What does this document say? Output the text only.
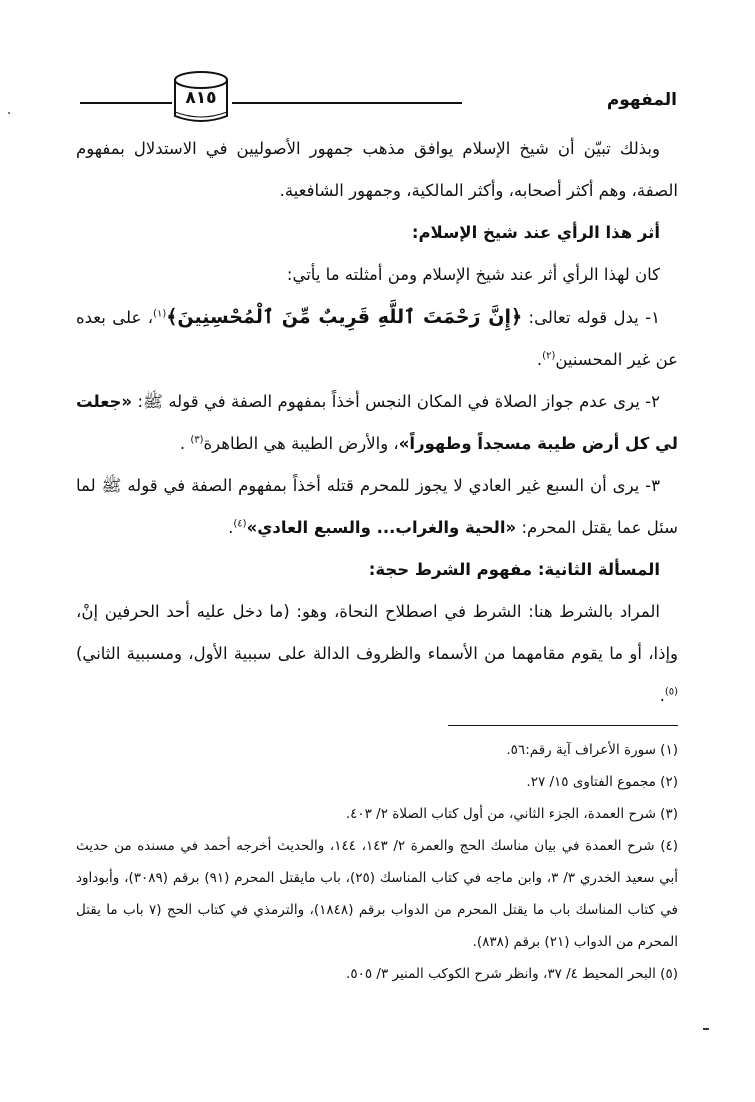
المفهوم
٨١٥

وبذلك تبيّن أن شيخ الإسلام يوافق مذهب جمهور الأصوليين في الاستدلال بمفهوم الصفة، وهم أكثر أصحابه، وأكثر المالكية، وجمهور الشافعية.

أثر هذا الرأي عند شيخ الإسلام:

كان لهذا الرأي أثر عند شيخ الإسلام ومن أمثلته ما يأتي:

١- يدل قوله تعالى: ﴿إِنَّ رَحْمَتَ ٱللَّهِ قَرِيبٌ مِّنَ ٱلْمُحْسِنِينَ﴾$^{(١)}$، على بعده عن غير المحسنين$^{(٢)}$.

٢- يرى عدم جواز الصلاة في المكان النجس أخذاً بمفهوم الصفة في قوله ﷺ: «جعلت لي كل أرض طيبة مسجداً وطهوراً»، والأرض الطيبة هي الطاهرة$^{(٣)}$ .

٣- يرى أن السبع غير العادي لا يجوز للمحرم قتله أخذاً بمفهوم الصفة في قوله ﷺ لما سئل عما يقتل المحرم: «الحية والغراب... والسبع العادي»$^{(٤)}$.

المسألة الثانية: مفهوم الشرط حجة:

المراد بالشرط هنا: الشرط في اصطلاح النحاة، وهو: (ما دخل عليه أحد الحرفين إنْ، وإذا، أو ما يقوم مقامهما من الأسماء والظروف الدالة على سببية الأول، ومسببية الثاني)$^{(٥)}$.

(١) سورة الأعراف آية رقم:٥٦.

(٢) مجموع الفتاوى ١٥/ ٢٧.

(٣) شرح العمدة، الجزء الثاني، من أول كتاب الصلاة ٢/ ٤٠٣.

(٤) شرح العمدة في بيان مناسك الحج والعمرة ٢/ ١٤٣، ١٤٤، والحديث أخرجه أحمد في مسنده من حديث أبي سعيد الخدري ٣/ ٣، وابن ماجه في كتاب المناسك (٢٥)، باب مايقتل المحرم (٩١) برقم (٣٠٨٩)، وأبوداود في كتاب المناسك باب ما يقتل المحرم من الدواب برقم (١٨٤٨)، والترمذي في كتاب الحج (٧ باب ما يقتل المحرم من الدواب (٢١) برقم (٨٣٨).

(٥) البحر المحيط ٤/ ٣٧، وانظر شرح الكوكب المنير ٣/ ٥٠٥.
